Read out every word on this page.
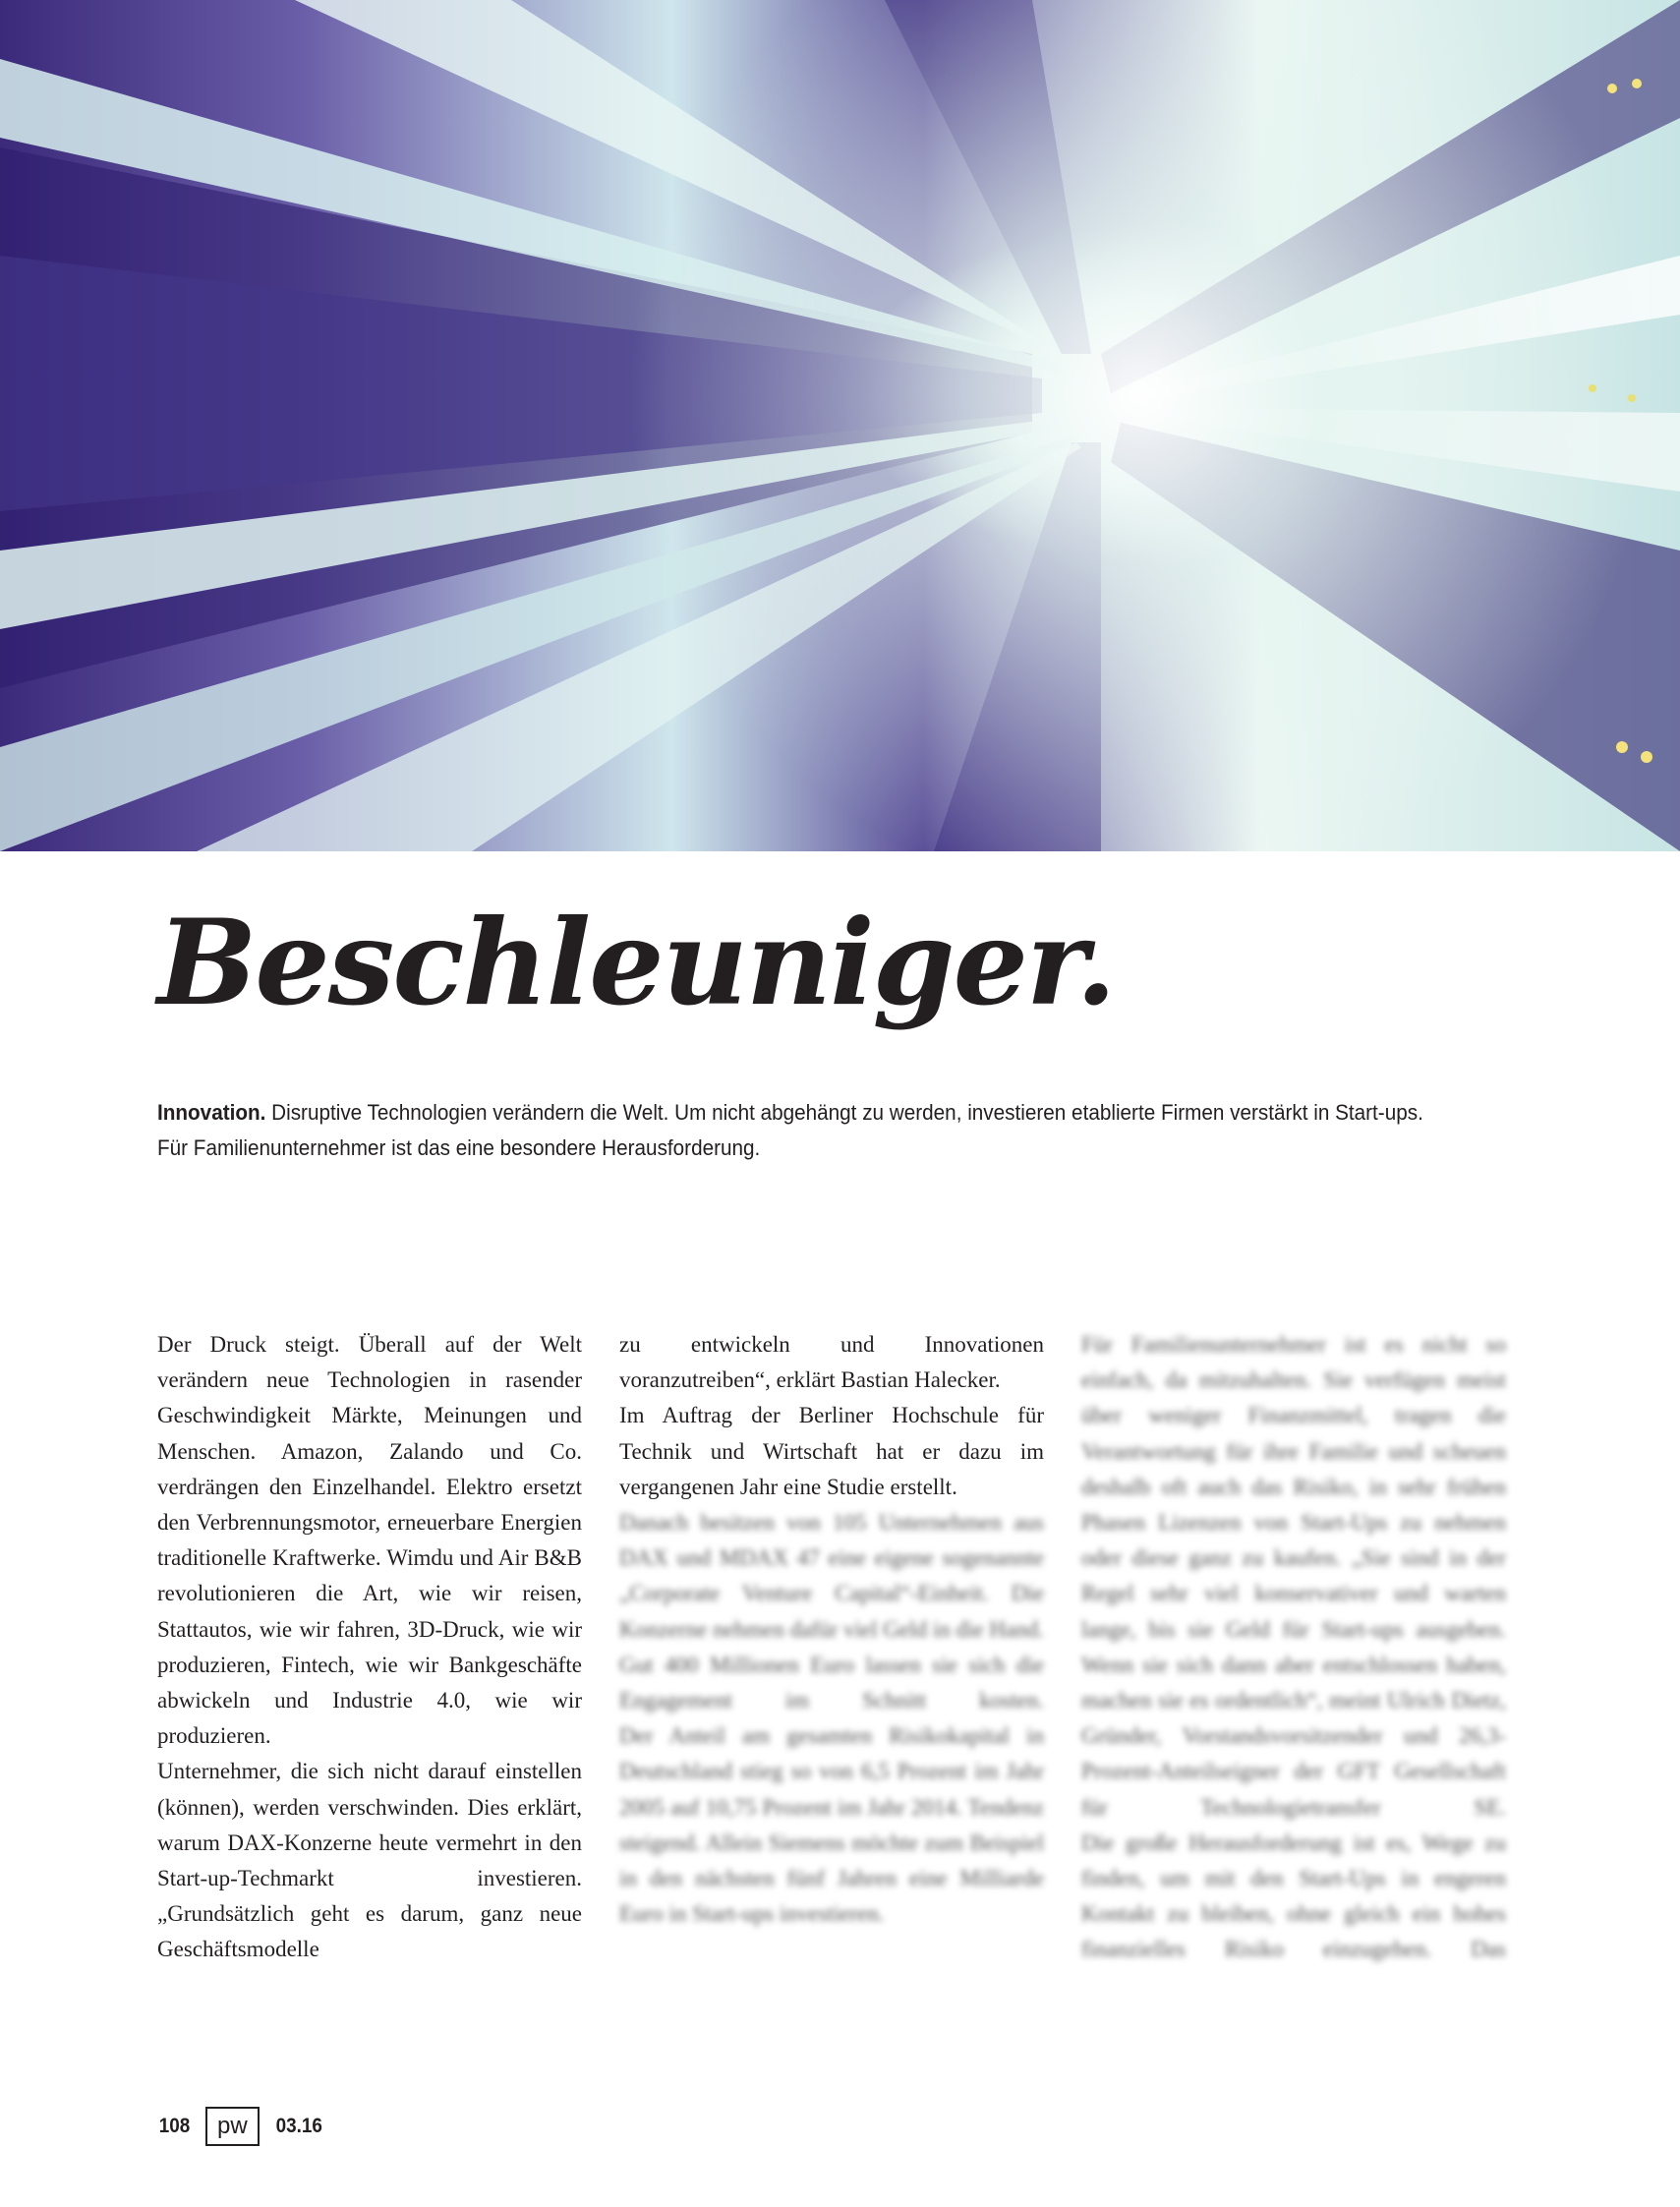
Beschleuniger.

Innovation. Disruptive Technologien verändern die Welt. Um nicht abgehängt zu werden, investieren etablierte Firmen verstärkt in Start-ups. Für Familienunternehmer ist das eine besondere Herausforderung.

Der Druck steigt. Überall auf der Welt verändern neue Technologien in rasender Geschwindigkeit Märkte, Meinungen und Menschen. Amazon, Zalando und Co. verdrängen den Einzelhandel. Elektro ersetzt den Verbrennungsmotor, erneuerbare Energien traditionelle Kraftwerke. Wimdu und Air B&B revolutionieren die Art, wie wir reisen, Stattautos, wie wir fahren, 3D-Druck, wie wir produzieren, Fintech, wie wir Bankgeschäfte abwickeln und Industrie 4.0, wie wir produzieren.

Unternehmer, die sich nicht darauf einstellen (können), werden verschwinden. Dies erklärt, warum DAX-Konzerne heute vermehrt in den Start-up-Techmarkt investieren. „Grundsätzlich geht es darum, ganz neue Geschäftsmodelle

zu entwickeln und Innovationen voranzutreiben“, erklärt Bastian Halecker.

Im Auftrag der Berliner Hochschule für Technik und Wirtschaft hat er dazu im vergangenen Jahr eine Studie erstellt.

Danach besitzen von 105 Unternehmen aus DAX und MDAX 47 eine eigene sogenannte „Corporate Venture Capital“-Einheit. Die Konzerne nehmen dafür viel Geld in die Hand. Gut 400 Millionen Euro lassen sie sich die Engagement im Schnitt kosten.

Der Anteil am gesamten Risikokapital in Deutschland stieg so von 6,5 Prozent im Jahr 2005 auf 10,75 Prozent im Jahr 2014. Tendenz steigend. Allein Siemens möchte zum Beispiel in den nächsten fünf Jahren eine Milliarde Euro in Start-ups investieren.

Für Familienunternehmer ist es nicht so einfach, da mitzuhalten. Sie verfügen meist über weniger Finanzmittel, tragen die Verantwortung für ihre Familie und scheuen deshalb oft auch das Risiko, in sehr frühen Phasen Lizenzen von Start-Ups zu nehmen oder diese ganz zu kaufen. „Sie sind in der Regel sehr viel konservativer und warten lange, bis sie Geld für Start-ups ausgeben. Wenn sie sich dann aber entschlossen haben, machen sie es ordentlich“, meint Ulrich Dietz, Gründer, Vorstandsvorsitzender und 26,3-Prozent-Anteilseigner der GFT Gesellschaft für Technologietransfer SE.

Die große Herausforderung ist es, Wege zu finden, um mit den Start-Ups in engeren Kontakt zu bleiben, ohne gleich ein hohes finanzielles Risiko einzugehen. Das

108	pw	03.16
